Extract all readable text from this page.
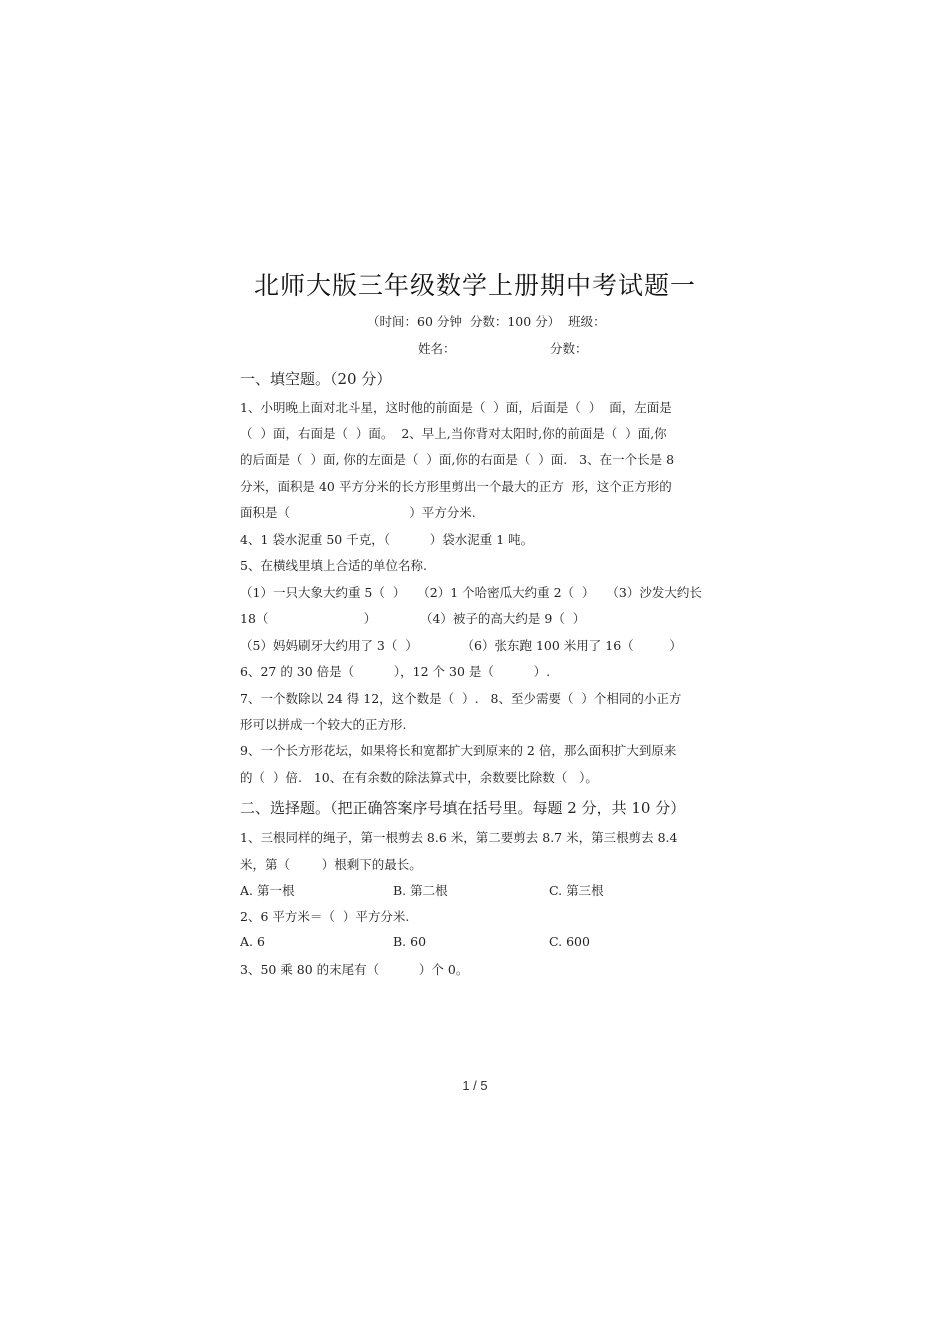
北师大版三年级数学上册期中考试题一
（时间：60 分钟  分数：100 分）  班级：
姓名：	分数：
一、填空题。（20 分）
1、小明晚上面对北斗星，这时他的前面是（  ）面，后面是（  ）  面，左面是
（  ）面，右面是（  ）面。  2、早上,当你背对太阳时,你的前面是（  ）面,你
的后面是（  ）面, 你的左面是（  ）面,你的右面是（  ）面.   3、在一个长是 8
分米，面积是 40 平方分米的长方形里剪出一个最大的正方  形，这个正方形的
面积是（                              ）平方分米.
4、1 袋水泥重 50 千克，（          ）袋水泥重 1 吨。
5、在横线里填上合适的单位名称.
（1）一只大象大约重 5（  ）   （2）1 个哈密瓜大约重 2（  ）   （3）沙发大约长
18（                        ）           （4）被子的高大约是 9（  ）
（5）妈妈刷牙大约用了 3（  ）           （6）张东跑 100 米用了 16（         ）
6、27 的 30 倍是（          ），12 个 30 是（          ）.
7、一个数除以 24 得 12，这个数是（  ）.   8、至少需要（  ）个相同的小正方
形可以拼成一个较大的正方形.
9、一个长方形花坛，如果将长和宽都扩大到原来的 2 倍，那么面积扩大到原来
的（  ）倍.   10、在有余数的除法算式中，余数要比除数（   ）。
二、选择题。（把正确答案序号填在括号里。每题 2 分，共 10 分）
1、三根同样的绳子，第一根剪去 8.6 米，第二要剪去 8.7 米，第三根剪去 8.4
米，第（        ）根剩下的最长。
A. 第一根	B. 第二根	C. 第三根
2、6 平方米＝（  ）平方分米.
A. 6	B. 60	C. 600
3、50 乘 80 的末尾有（          ）个 0。
1 / 5
